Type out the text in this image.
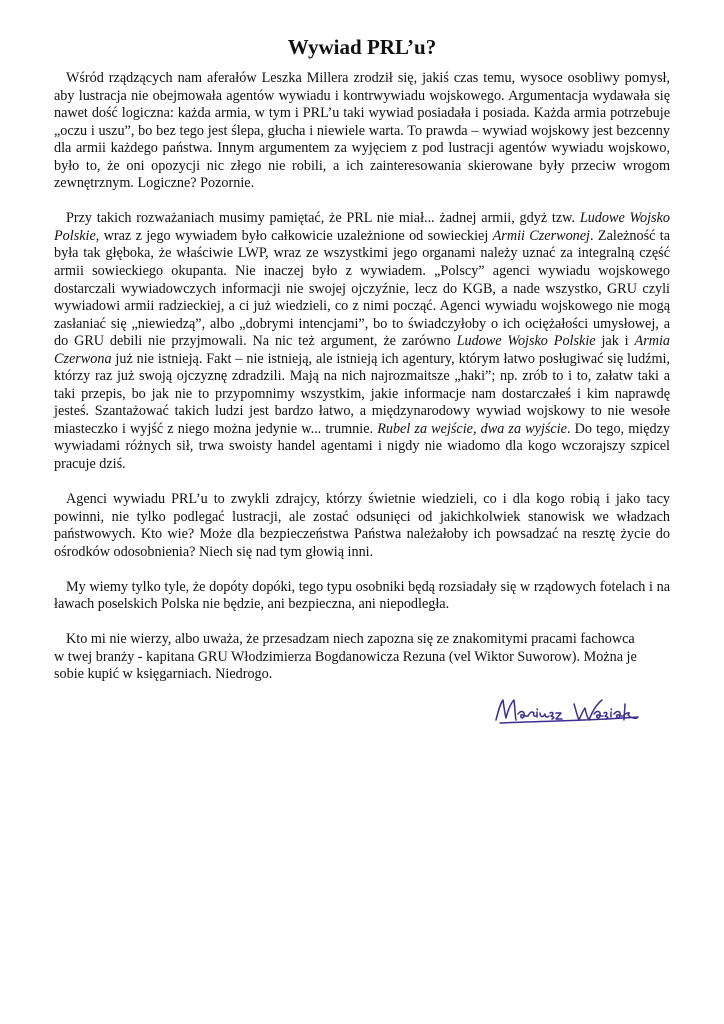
Wywiad PRL’u?

Wśród rządzących nam aferałów Leszka Millera zrodził się, jakiś czas temu, wysoce osobliwy pomysł, aby lustracja nie obejmowała agentów wywiadu i kontrwywiadu wojskowego. Argumentacja wydawała się nawet dość logiczna: każda armia, w tym i PRL’u taki wywiad posiadała i posiada. Każda armia potrzebuje „oczu i uszu”, bo bez tego jest ślepa, głucha i niewiele warta. To prawda – wywiad wojskowy jest bezcenny dla armii każdego państwa. Innym argumentem za wyjęciem z pod lustracji agentów wywiadu wojskowo, było to, że oni opozycji nic złego nie robili, a ich zainteresowania skierowane były przeciw wrogom zewnętrznym. Logiczne? Pozornie.

Przy takich rozważaniach musimy pamiętać, że PRL nie miał... żadnej armii, gdyż tzw. Ludowe Wojsko Polskie, wraz z jego wywiadem było całkowicie uzależnione od sowieckiej Armii Czerwonej. Zależność ta była tak głęboka, że właściwie LWP, wraz ze wszystkimi jego organami należy uznać za integralną część armii sowieckiego okupanta. Nie inaczej było z wywiadem. „Polscy” agenci wywiadu wojskowego dostarczali wywiadowczych informacji nie swojej ojczyźnie, lecz do KGB, a nade wszystko, GRU czyli wywiadowi armii radzieckiej, a ci już wiedzieli, co z nimi począć. Agenci wywiadu wojskowego nie mogą zasłaniać się „niewiedzą”, albo „dobrymi intencjami”, bo to świadczyłoby o ich ociężałości umysłowej, a do GRU debili nie przyjmowali. Na nic też argument, że zarówno Ludowe Wojsko Polskie jak i Armia Czerwona już nie istnieją. Fakt – nie istnieją, ale istnieją ich agentury, którym łatwo posługiwać się ludźmi, którzy raz już swoją ojczyznę zdradzili. Mają na nich najrozmaitsze „haki”; np. zrób to i to, załatw taki a taki przepis, bo jak nie to przypomnimy wszystkim, jakie informacje nam dostarczałeś i kim naprawdę jesteś. Szantażować takich ludzi jest bardzo łatwo, a międzynarodowy wywiad wojskowy to nie wesołe miasteczko i wyjść z niego można jedynie w... trumnie. Rubel za wejście, dwa za wyjście. Do tego, między wywiadami różnych sił, trwa swoisty handel agentami i nigdy nie wiadomo dla kogo wczorajszy szpicel pracuje dziś.

Agenci wywiadu PRL’u to zwykli zdrajcy, którzy świetnie wiedzieli, co i dla kogo robią i jako tacy powinni, nie tylko podlegać lustracji, ale zostać odsunięci od jakichkolwiek stanowisk we władzach państwowych. Kto wie? Może dla bezpieczeństwa Państwa należałoby ich powsadzać na resztę życie do ośrodków odosobnienia? Niech się nad tym głowią inni.

My wiemy tylko tyle, że dopóty dopóki, tego typu osobniki będą rozsiadały się w rządowych fotelach i na ławach poselskich Polska nie będzie, ani bezpieczna, ani niepodległa.

Kto mi nie wierzy, albo uważa, że przesadzam niech zapozna się ze znakomitymi pracami fachowca w twej branży - kapitana GRU Włodzimierza Bogdanowicza Rezuna (vel Wiktor Suworow). Można je sobie kupić w księgarniach. Niedrogo.
